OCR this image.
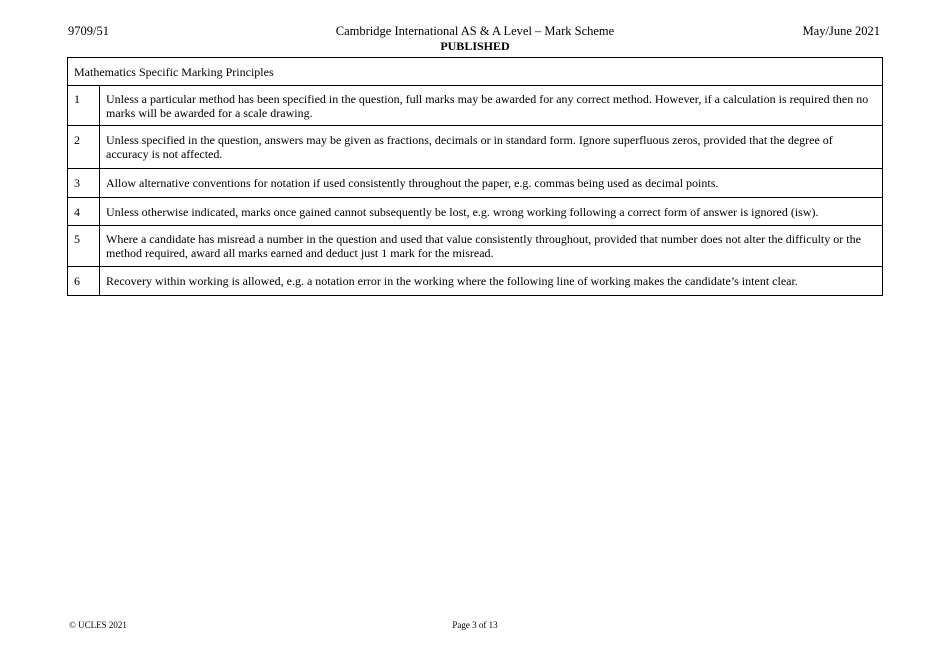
9709/51	Cambridge International AS & A Level – Mark Scheme
PUBLISHED
May/June 2021
Mathematics Specific Marking Principles	
1	Unless a particular method has been specified in the question, full marks may be awarded for any correct method. However, if a calculation is required then no marks will be awarded for a scale drawing.
2	Unless specified in the question, answers may be given as fractions, decimals or in standard form. Ignore superfluous zeros, provided that the degree of accuracy is not affected.
3	Allow alternative conventions for notation if used consistently throughout the paper, e.g. commas being used as decimal points.
4	Unless otherwise indicated, marks once gained cannot subsequently be lost, e.g. wrong working following a correct form of answer is ignored (isw).
5	Where a candidate has misread a number in the question and used that value consistently throughout, provided that number does not alter the difficulty or the method required, award all marks earned and deduct just 1 mark for the misread.
6	Recovery within working is allowed, e.g. a notation error in the working where the following line of working makes the candidate’s intent clear.
© UCLES 2021	Page 3 of 13
